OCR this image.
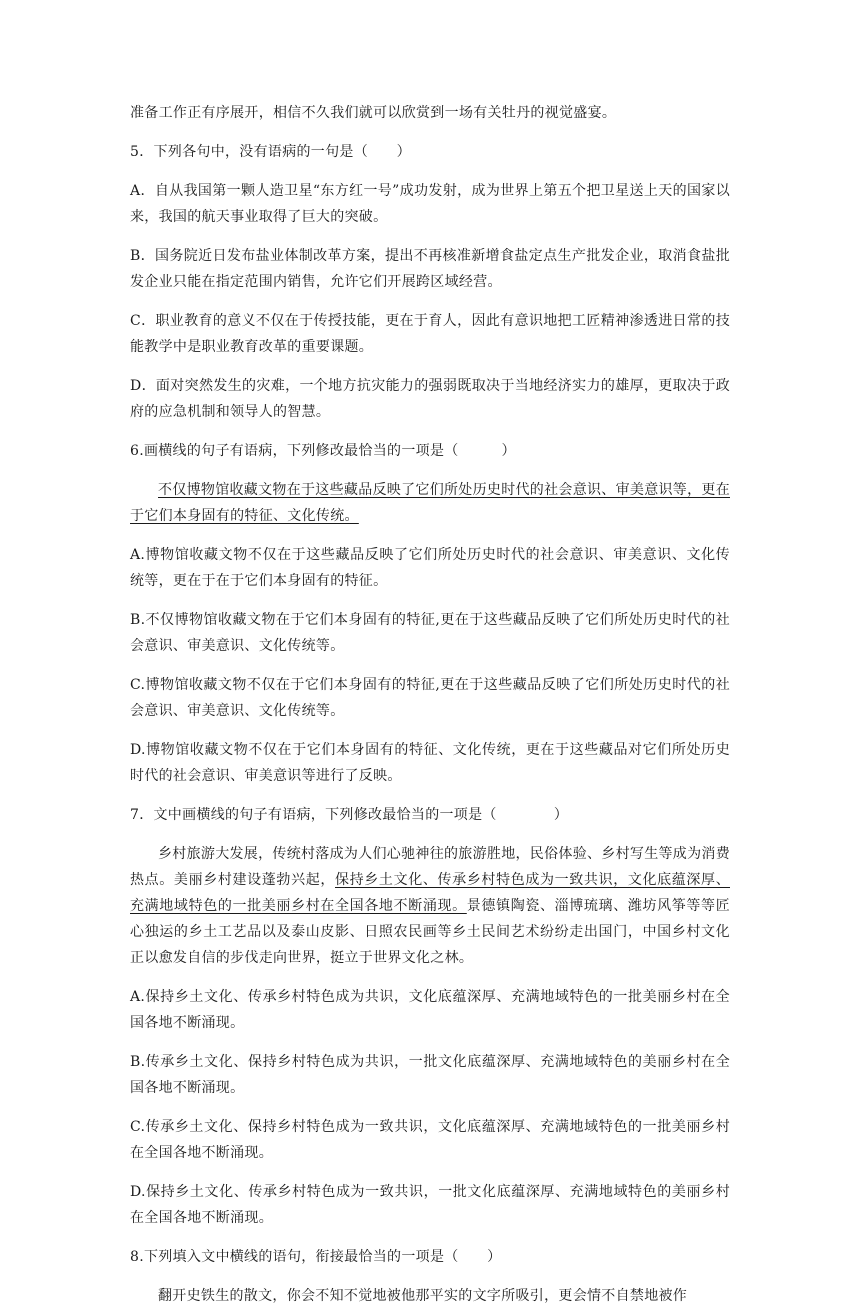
准备工作正有序展开，相信不久我们就可以欣赏到一场有关牡丹的视觉盛宴。

5．下列各句中，没有语病的一句是（　　）

A．自从我国第一颗人造卫星“东方红一号”成功发射，成为世界上第五个把卫星送上天的国家以来，我国的航天事业取得了巨大的突破。

B．国务院近日发布盐业体制改革方案，提出不再核准新增食盐定点生产批发企业，取消食盐批发企业只能在指定范围内销售，允许它们开展跨区域经营。

C．职业教育的意义不仅在于传授技能，更在于育人，因此有意识地把工匠精神渗透进日常的技能教学中是职业教育改革的重要课题。

D．面对突然发生的灾难，一个地方抗灾能力的强弱既取决于当地经济实力的雄厚，更取决于政府的应急机制和领导人的智慧。

6.画横线的句子有语病，下列修改最恰当的一项是（　　　）

不仅博物馆收藏文物在于这些藏品反映了它们所处历史时代的社会意识、审美意识等，更在于它们本身固有的特征、文化传统。

A.博物馆收藏文物不仅在于这些藏品反映了它们所处历史时代的社会意识、审美意识、文化传统等，更在于在于它们本身固有的特征。

B.不仅博物馆收藏文物在于它们本身固有的特征,更在于这些藏品反映了它们所处历史时代的社会意识、审美意识、文化传统等。

C.博物馆收藏文物不仅在于它们本身固有的特征,更在于这些藏品反映了它们所处历史时代的社会意识、审美意识、文化传统等。

D.博物馆收藏文物不仅在于它们本身固有的特征、文化传统，更在于这些藏品对它们所处历史时代的社会意识、审美意识等进行了反映。

7．文中画横线的句子有语病，下列修改最恰当的一项是（　　　　）

乡村旅游大发展，传统村落成为人们心驰神往的旅游胜地，民俗体验、乡村写生等成为消费热点。美丽乡村建设蓬勃兴起，保持乡土文化、传承乡村特色成为一致共识，文化底蕴深厚、充满地域特色的一批美丽乡村在全国各地不断涌现。景德镇陶瓷、淄博琉璃、潍坊风筝等等匠心独运的乡土工艺品以及泰山皮影、日照农民画等乡土民间艺术纷纷走出国门，中国乡村文化正以愈发自信的步伐走向世界，挺立于世界文化之林。

A.保持乡土文化、传承乡村特色成为共识，文化底蕴深厚、充满地域特色的一批美丽乡村在全国各地不断涌现。

B.传承乡土文化、保持乡村特色成为共识，一批文化底蕴深厚、充满地域特色的美丽乡村在全国各地不断涌现。

C.传承乡土文化、保持乡村特色成为一致共识，文化底蕴深厚、充满地域特色的一批美丽乡村在全国各地不断涌现。

D.保持乡土文化、传承乡村特色成为一致共识，一批文化底蕴深厚、充满地域特色的美丽乡村在全国各地不断涌现。

8.下列填入文中横线的语句，衔接最恰当的一项是（　　）

翻开史铁生的散文，你会不知不觉地被他那平实的文字所吸引，更会情不自禁地被作
